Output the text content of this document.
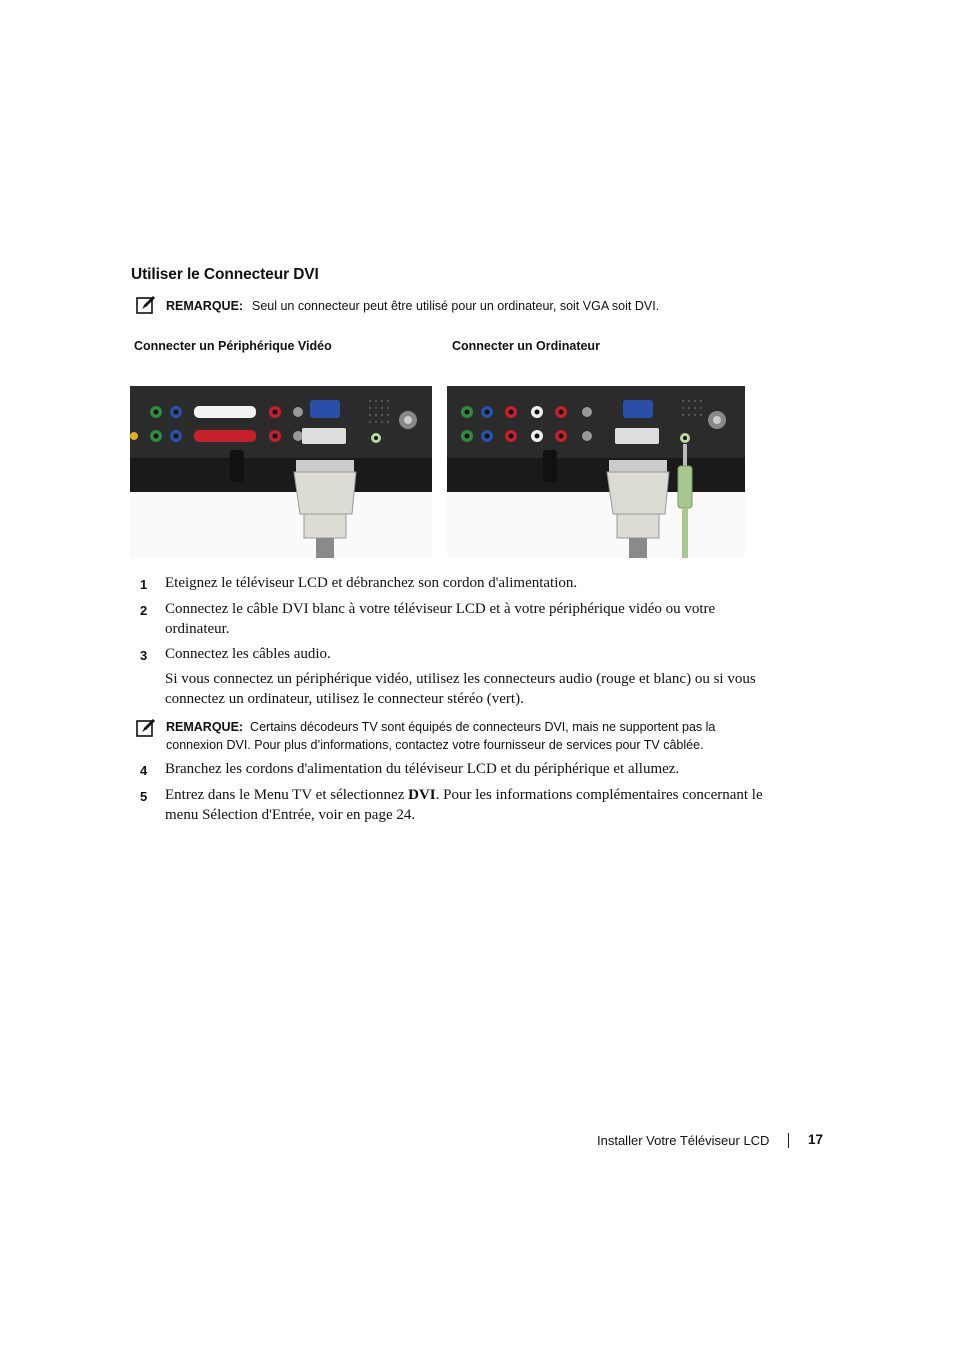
Utiliser le Connecteur DVI
REMARQUE: Seul un connecteur peut être utilisé pour un ordinateur, soit VGA soit DVI.
Connecter un Périphérique Vidéo	Connecter un Ordinateur
1 Eteignez le téléviseur LCD et débranchez son cordon d'alimentation.
2 Connectez le câble DVI blanc à votre téléviseur LCD et à votre périphérique vidéo ou votre ordinateur.
3 Connectez les câbles audio.
Si vous connectez un périphérique vidéo, utilisez les connecteurs audio (rouge et blanc) ou si vous connectez un ordinateur, utilisez le connecteur stéréo (vert).
REMARQUE: Certains décodeurs TV sont équipés de connecteurs DVI, mais ne supportent pas la connexion DVI. Pour plus d’informations, contactez votre fournisseur de services pour TV câblée.
4 Branchez les cordons d'alimentation du téléviseur LCD et du périphérique et allumez.
5 Entrez dans le Menu TV et sélectionnez DVI. Pour les informations complémentaires concernant le menu Sélection d'Entrée, voir en page 24.
Installer Votre Téléviseur LCD	17
